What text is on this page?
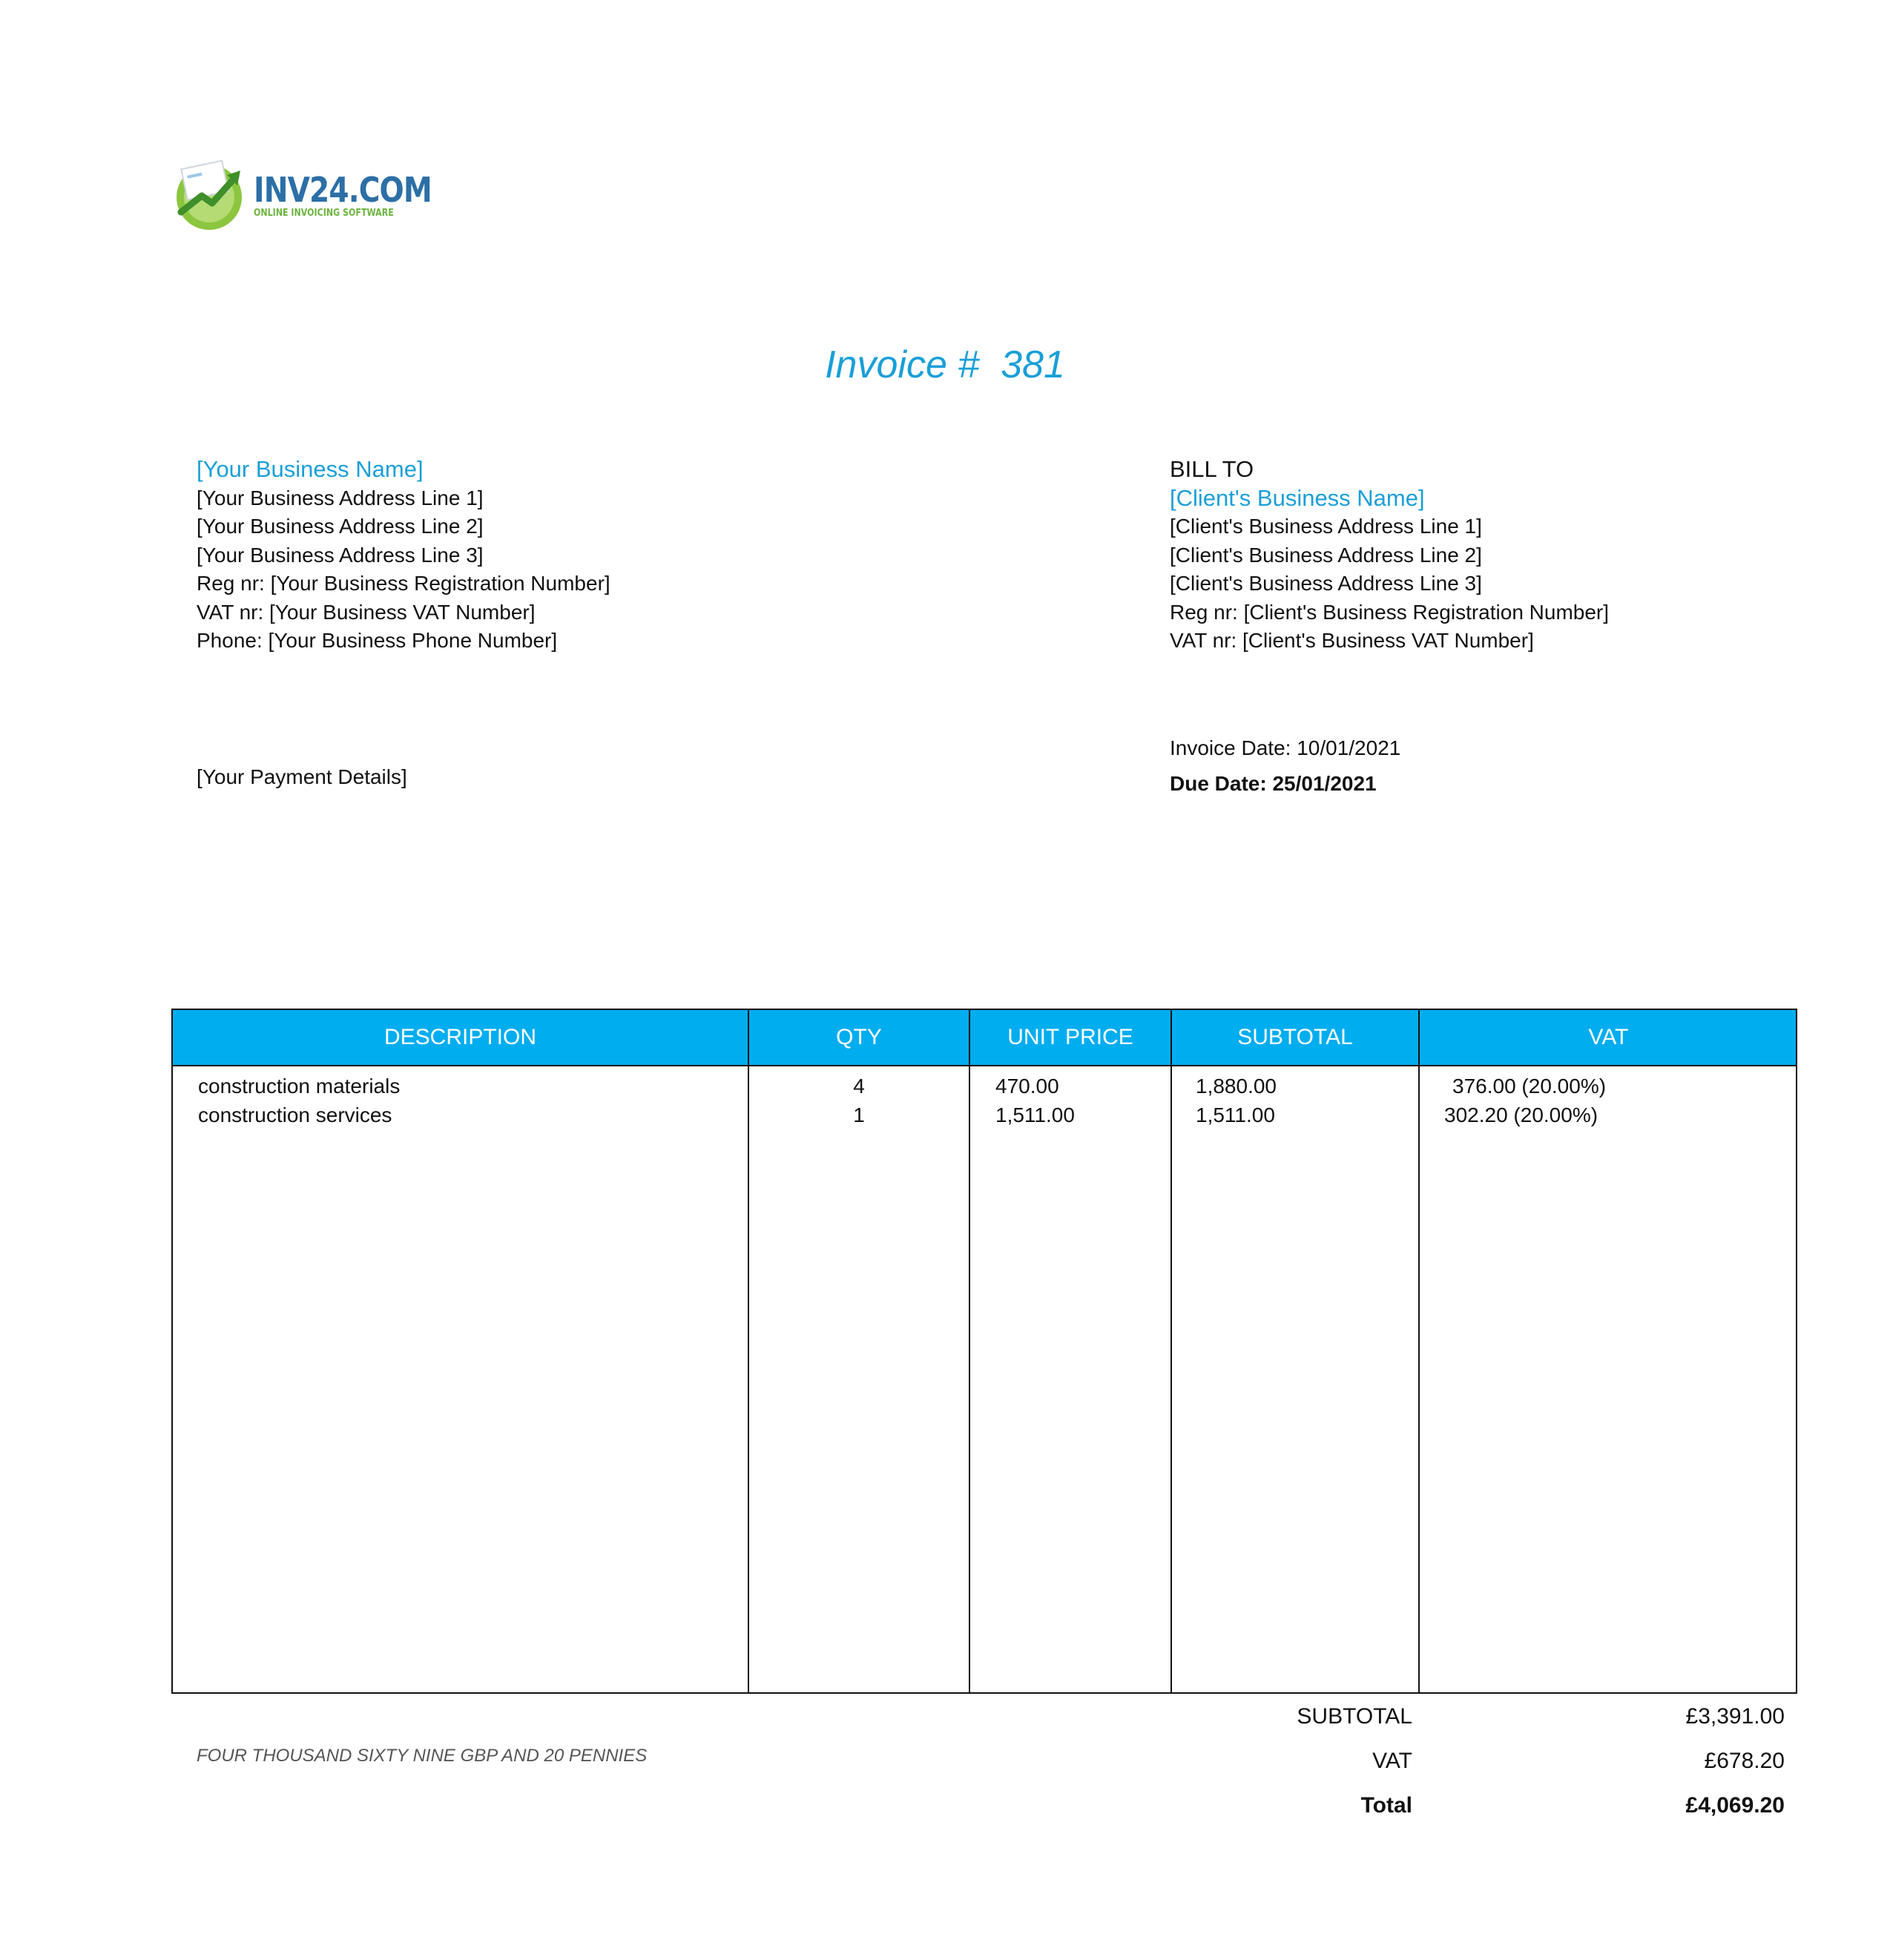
INV24.COM
ONLINE INVOICING SOFTWARE
Invoice #  381
[Your Business Name]
[Your Business Address Line 1]
[Your Business Address Line 2]
[Your Business Address Line 3]
Reg nr: [Your Business Registration Number]
VAT nr: [Your Business VAT Number]
Phone: [Your Business Phone Number]
BILL TO
[Client's Business Name]
[Client's Business Address Line 1]
[Client's Business Address Line 2]
[Client's Business Address Line 3]
Reg nr: [Client's Business Registration Number]
VAT nr: [Client's Business VAT Number]
Invoice Date: 10/01/2021
Due Date: 25/01/2021
[Your Payment Details]
DESCRIPTION	QTY	UNIT PRICE	SUBTOTAL	VAT
construction materials	4	470.00	1,880.00	376.00 (20.00%)
construction services	1	1,511.00	1,511.00	302.20 (20.00%)
FOUR THOUSAND SIXTY NINE GBP AND 20 PENNIES
SUBTOTAL	£3,391.00
VAT	£678.20
Total	£4,069.20
